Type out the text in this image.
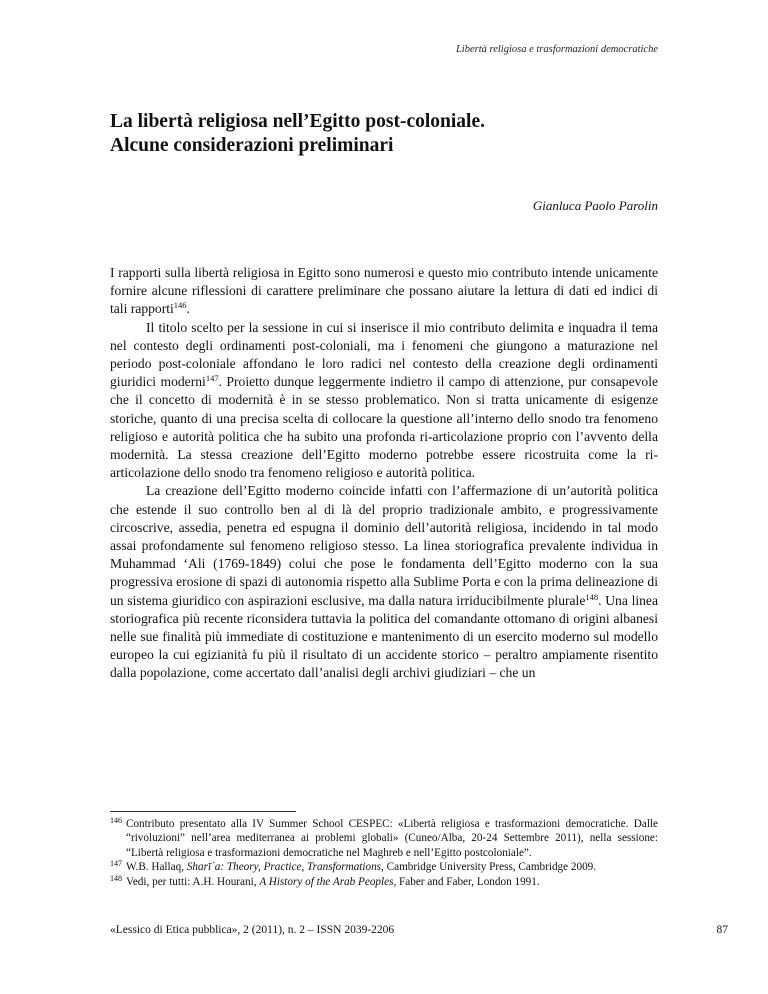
Libertà religiosa e trasformazioni democratiche
La libertà religiosa nell’Egitto post-coloniale.
Alcune considerazioni preliminari
Gianluca Paolo Parolin

I rapporti sulla libertà religiosa in Egitto sono numerosi e questo mio contributo intende unicamente fornire alcune riflessioni di carattere preliminare che possano aiutare la lettura di dati ed indici di tali rapporti$^{146}$.

Il titolo scelto per la sessione in cui si inserisce il mio contributo delimita e inquadra il tema nel contesto degli ordinamenti post-coloniali, ma i fenomeni che giungono a maturazione nel periodo post-coloniale affondano le loro radici nel contesto della creazione degli ordinamenti giuridici moderni$^{147}$. Proietto dunque leggermente indietro il campo di attenzione, pur consapevole che il concetto di modernità è in se stesso problematico. Non si tratta unicamente di esigenze storiche, quanto di una precisa scelta di collocare la questione all’interno dello snodo tra fenomeno religioso e autorità politica che ha subito una profonda ri-articolazione proprio con l’avvento della modernità. La stessa creazione dell’Egitto moderno potrebbe essere ricostruita come la ri-articolazione dello snodo tra fenomeno religioso e autorità politica.

La creazione dell’Egitto moderno coincide infatti con l’affermazione di un’autorità politica che estende il suo controllo ben al di là del proprio tradizionale ambito, e progressivamente circoscrive, assedia, penetra ed espugna il dominio dell’autorità religiosa, incidendo in tal modo assai profondamente sul fenomeno religioso stesso. La linea storiografica prevalente individua in Muhammad ‘Ali (1769-1849) colui che pose le fondamenta dell’Egitto moderno con la sua progressiva erosione di spazi di autonomia rispetto alla Sublime Porta e con la prima delineazione di un sistema giuridico con aspirazioni esclusive, ma dalla natura irriducibilmente plurale$^{148}$. Una linea storiografica più recente riconsidera tuttavia la politica del comandante ottomano di origini albanesi nelle sue finalità più immediate di costituzione e mantenimento di un esercito moderno sul modello europeo la cui egizianità fu più il risultato di un accidente storico – peraltro ampiamente risentito dalla popolazione, come accertato dall’analisi degli archivi giudiziari – che un

146 Contributo presentato alla IV Summer School CESPEC: «Libertà religiosa e trasformazioni democratiche. Dalle “rivoluzioni” nell’area mediterranea ai problemi globali» (Cuneo/Alba, 20-24 Settembre 2011), nella sessione: “Libertà religiosa e trasformazioni democratiche nel Maghreb e nell’Egitto postcoloniale”.

147 W.B. Hallaq, Sharī`a: Theory, Practice, Transformations, Cambridge University Press, Cambridge 2009.

148 Vedi, per tutti: A.H. Hourani, A History of the Arab Peoples, Faber and Faber, London 1991.

«Lessico di Etica pubblica», 2 (2011), n. 2 – ISSN 2039-2206	87
